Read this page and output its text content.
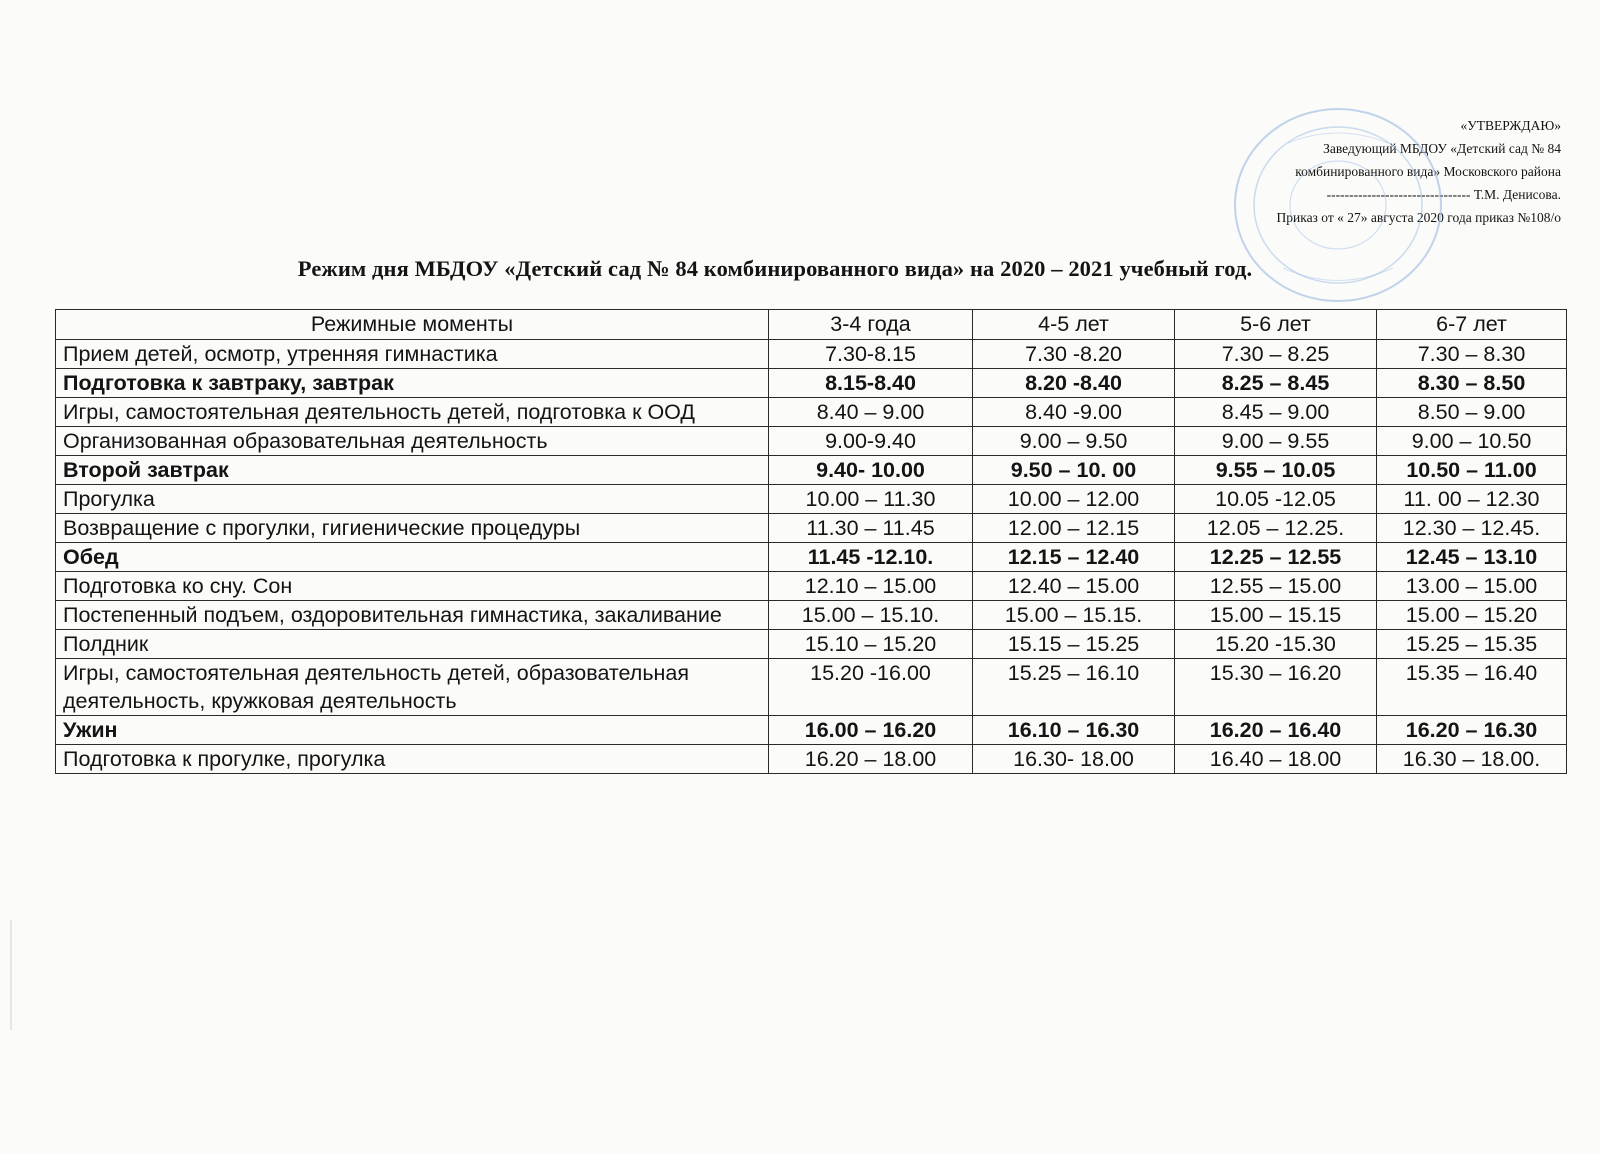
«УТВЕРЖДАЮ»
Заведующий МБДОУ «Детский сад № 84
комбинированного вида» Московского района
-------------------------------- Т.М. Денисова.
Приказ от « 27» августа 2020 года приказ №108/о
Режим дня МБДОУ «Детский сад № 84 комбинированного вида» на 2020 – 2021 учебный год.
Режимные моменты	3-4 года	4-5 лет	5-6 лет	6-7 лет
Прием детей, осмотр, утренняя гимнастика	7.30-8.15	7.30 -8.20	7.30 – 8.25	7.30 – 8.30
Подготовка к завтраку, завтрак	8.15-8.40	8.20 -8.40	8.25 – 8.45	8.30 – 8.50
Игры, самостоятельная деятельность детей, подготовка к ООД	8.40 – 9.00	8.40 -9.00	8.45 – 9.00	8.50 – 9.00
Организованная образовательная деятельность	9.00-9.40	9.00 – 9.50	9.00 – 9.55	9.00 – 10.50
Второй завтрак	9.40- 10.00	9.50 – 10. 00	9.55 – 10.05	10.50 – 11.00
Прогулка	10.00 – 11.30	10.00 – 12.00	10.05 -12.05	11. 00 – 12.30
Возвращение с прогулки, гигиенические процедуры	11.30 – 11.45	12.00 – 12.15	12.05 – 12.25.	12.30 – 12.45.
Обед	11.45 -12.10.	12.15 – 12.40	12.25 – 12.55	12.45 – 13.10
Подготовка ко сну. Сон	12.10 – 15.00	12.40 – 15.00	12.55 – 15.00	13.00 – 15.00
Постепенный подъем, оздоровительная гимнастика, закаливание	15.00 – 15.10.	15.00 – 15.15.	15.00 – 15.15	15.00 – 15.20
Полдник	15.10 – 15.20	15.15 – 15.25	15.20 -15.30	15.25 – 15.35
Игры, самостоятельная деятельность детей, образовательная деятельность, кружковая деятельность	15.20 -16.00	15.25 – 16.10	15.30 – 16.20	15.35 – 16.40
Ужин	16.00 – 16.20	16.10 – 16.30	16.20 – 16.40	16.20 – 16.30
Подготовка к прогулке, прогулка	16.20 – 18.00	16.30- 18.00	16.40 – 18.00	16.30 – 18.00.
